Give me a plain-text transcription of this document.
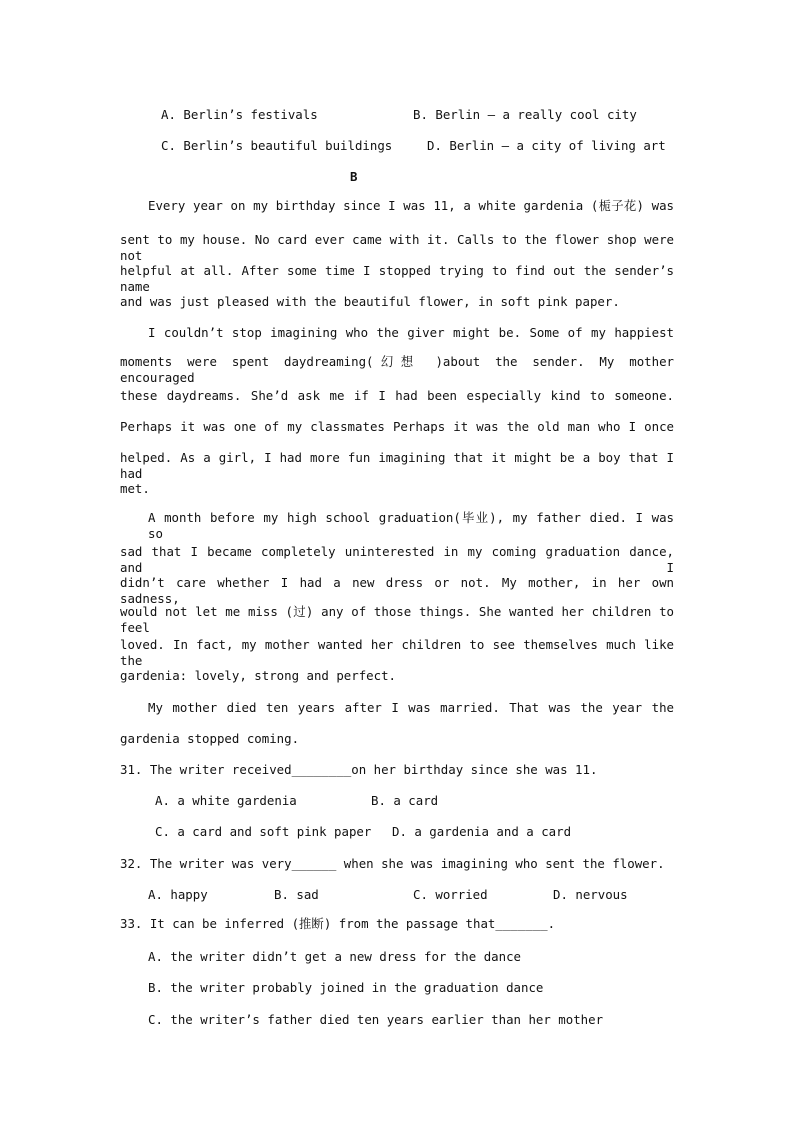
A. Berlin’s festivals	B. Berlin – a really cool city
C. Berlin’s beautiful buildings	D. Berlin – a city of living art
B
Every year on my birthday since I was 11, a white gardenia (栀子花) was
sent to my house. No card ever came with it. Calls to the flower shop were not
helpful at all. After some time I stopped trying to find out the sender’s name
and was just pleased with the beautiful flower, in soft pink paper.
I couldn’t stop imagining who the giver might be. Some of my happiest
moments were spent daydreaming(幻想 )about the sender. My mother encouraged
these daydreams. She’d ask me if I had been especially kind to someone.
Perhaps it was one of my classmates Perhaps it was the old man who I once
helped. As a girl, I had more fun imagining that it might be a boy that I had
met.
A month before my high school graduation(毕业), my father died. I was so
sad that I became completely uninterested in my coming graduation dance, and I
didn’t care whether I had a new dress or not. My mother, in her own sadness,
would not let me miss (过) any of those things. She wanted her children to feel
loved. In fact, my mother wanted her children to see themselves much like the
gardenia: lovely, strong and perfect.
My mother died ten years after I was married. That was the year the
gardenia stopped coming.
31. The writer received________on her birthday since she was 11.
A. a white gardenia	B. a card
C. a card and soft pink paper D. a gardenia and a card
32. The writer was very______ when she was imagining who sent the flower.
A. happy	B. sad	C. worried	D. nervous
33. It can be inferred (推断) from the passage that_______.
A. the writer didn’t get a new dress for the dance
B. the writer probably joined in the graduation dance
C. the writer’s father died ten years earlier than her mother
